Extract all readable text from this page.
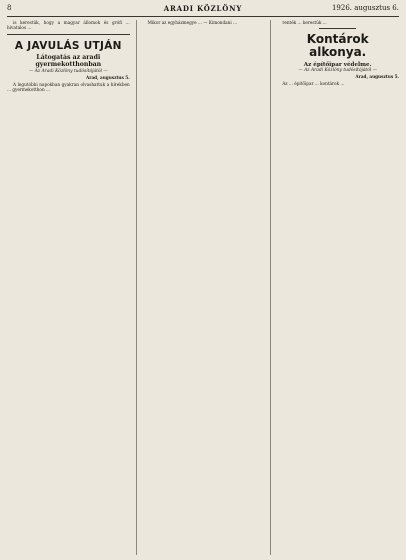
8	ARADI KÖZLÖNY	1926. augusztus 6.

is kerestük, hogy a magyar állomok és grófi ... hivatalos ...

A JAVULÁS UTJÁN
Látogatás az aradi gyermekotthonban
— Az Aradi Közlöny tudósítójától —
Arad, augusztus 5.

A legutóbbi napokban gyakran olvashattuk a hírekben ... gyermekotthon ...

Mikor az egyházmegye ... — Kimondani ...	renték ... kerestük ...

Kontárok alkonya.
Az építőipar védelme.
— Az Aradi Közlöny tudósítójától —
Arad, augusztus 5.

Az ... építőipar ... kontárok ...
